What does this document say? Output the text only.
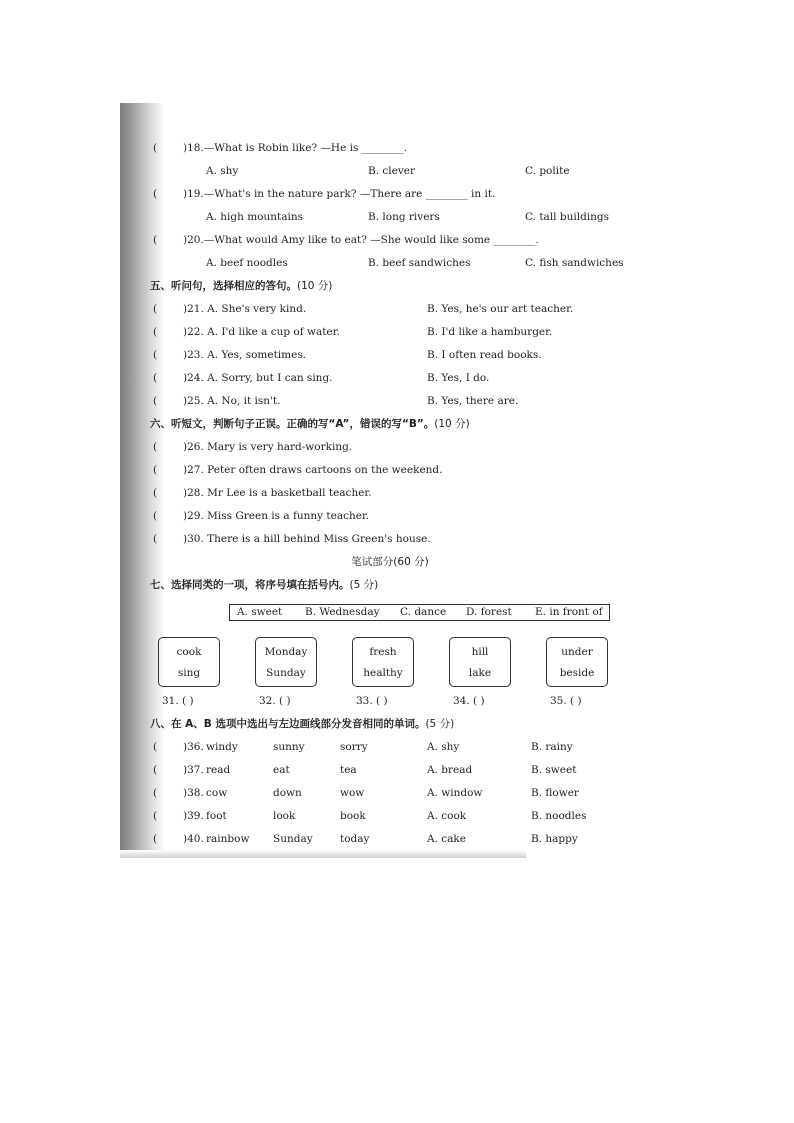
( )18.—What is Robin like? —He is ________.
A. shy	B. clever	C. polite
( )19.—What's in the nature park? —There are ________ in it.
A. high mountains	B. long rivers	C. tall buildings
( )20.—What would Amy like to eat? —She would like some ________.
A. beef noodles	B. beef sandwiches	C. fish sandwiches
五、听问句，选择相应的答句。(10 分)
( )21. A. She's very kind.	B. Yes, he's our art teacher.
( )22. A. I'd like a cup of water.	B. I'd like a hamburger.
( )23. A. Yes, sometimes.	B. I often read books.
( )24. A. Sorry, but I can sing.	B. Yes, I do.
( )25. A. No, it isn't.	B. Yes, there are.
六、听短文，判断句子正误。正确的写“A”，错误的写“B”。(10 分)
( )26. Mary is very hard-working.
( )27. Peter often draws cartoons on the weekend.
( )28. Mr Lee is a basketball teacher.
( )29. Miss Green is a funny teacher.
( )30. There is a hill behind Miss Green's house.
笔试部分(60 分)
七、选择同类的一项，将序号填在括号内。(5 分)
A. sweet B. Wednesday C. dance D. forest E. in front of
cook
sing
Monday
Sunday
fresh
healthy
hill
lake
under
beside
31. ( )	32. ( )	33. ( )	34. ( )	35. ( )
八、在 A、B 选项中选出与左边画线部分发音相同的单词。(5 分)
( )36. windy	sunny	sorry	A. shy	B. rainy
( )37. read	eat	tea	A. bread	B. sweet
( )38. cow	down	wow	A. window	B. flower
( )39. foot	look	book	A. cook	B. noodles
( )40. rainbow Sunday	today	A. cake	B. happy
